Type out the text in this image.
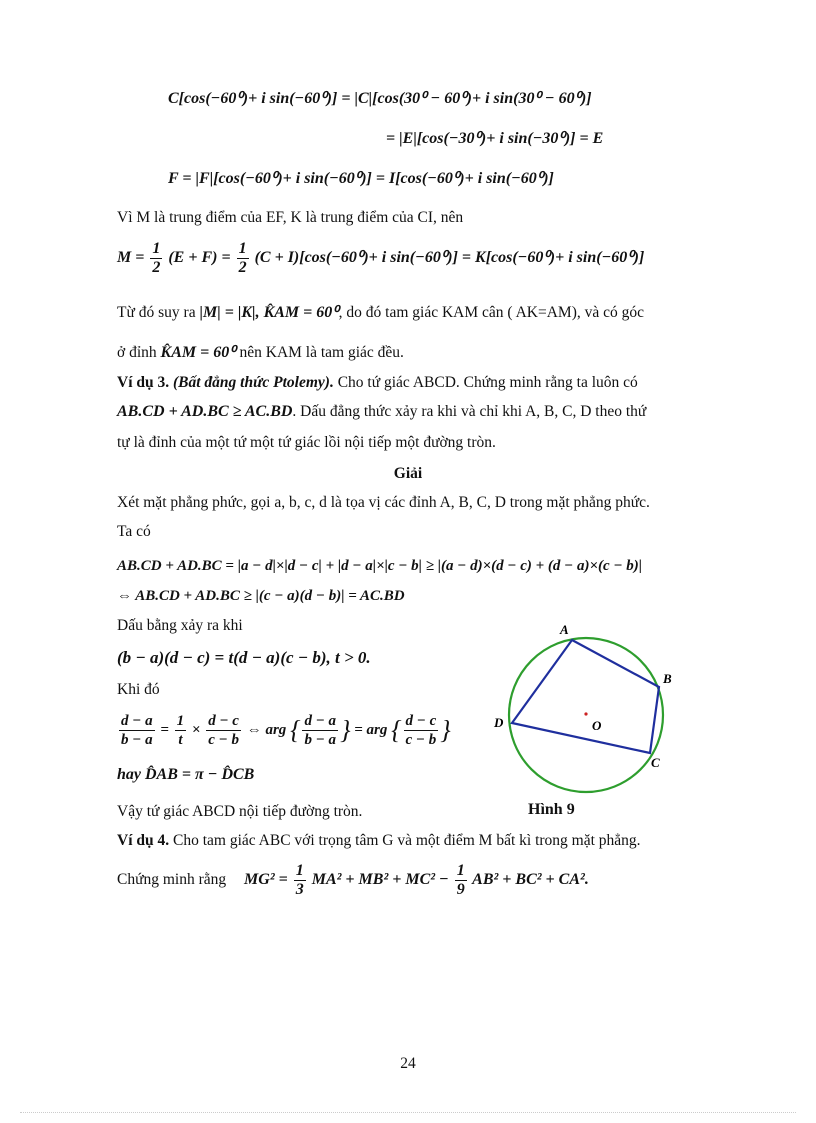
C[cos(−60⁰)+ i sin(−60⁰)] = |C|[cos(30⁰ − 60⁰)+ i sin(30⁰ − 60⁰)]
= |E|[cos(−30⁰)+ i sin(−30⁰)] = E
F = |F|[cos(−60⁰)+ i sin(−60⁰)] = I[cos(−60⁰)+ i sin(−60⁰)]
Vì M là trung điểm của EF, K là trung điểm của CI, nên
$M = \frac{1}{2} (E + F) = \frac{1}{2} (C + I)[\cos(-60^0)+ i$ sin(−60⁰)] = K[cos(−60⁰)+ i sin(−60⁰)]
Từ đó suy ra |M| = |K|, K̂AM = 60⁰, do đó tam giác KAM cân ( AK=AM), và có góc
ở đỉnh K̂AM = 60⁰ nên KAM là tam giác đều.
Ví dụ 3. (Bất đẳng thức Ptolemy). Cho tứ giác ABCD. Chứng minh rằng ta luôn có
AB.CD + AD.BC ≥ AC.BD. Dấu đẳng thức xảy ra khi và chỉ khi A, B, C, D theo thứ
tự là đỉnh của một tứ một tứ giác lồi nội tiếp một đường tròn.
Giải
Xét mặt phẳng phức, gọi a, b, c, d là tọa vị các đỉnh A, B, C, D trong mặt phẳng phức.
Ta có
AB.CD + AD.BC = |a − d|×|d − c| + |d − a|×|c − b| ≥ |(a − d)×(d − c) + (d − a)×(c − b)|
⇔ AB.CD + AD.BC ≥ |(c − a)(d − b)| = AC.BD
Dấu bằng xảy ra khi
(b − a)(d − c) = t(d − a)(c − b), t > 0.
Khi đó
$\frac{d - a}{b - a} = \frac{1}{t} \times \frac{d - c}{c - b}$ ⇔ arg { $\frac{d - a}{b - a}$ } = arg { $\frac{d - c}{c - b}$ }
hay D̂AB = π − D̂CB
Vậy tứ giác ABCD nội tiếp đường tròn.
A
B
C
D	O
Hình 9
Ví dụ 4. Cho tam giác ABC với trọng tâm G và một điểm M bất kì trong mặt phẳng.
Chứng minh rằng $MG^2 = \frac{1}{3} MA^2 + MB^2 + MC^2 - \frac{1}{9} AB^2 + BC^2 + CA^2$.
24
